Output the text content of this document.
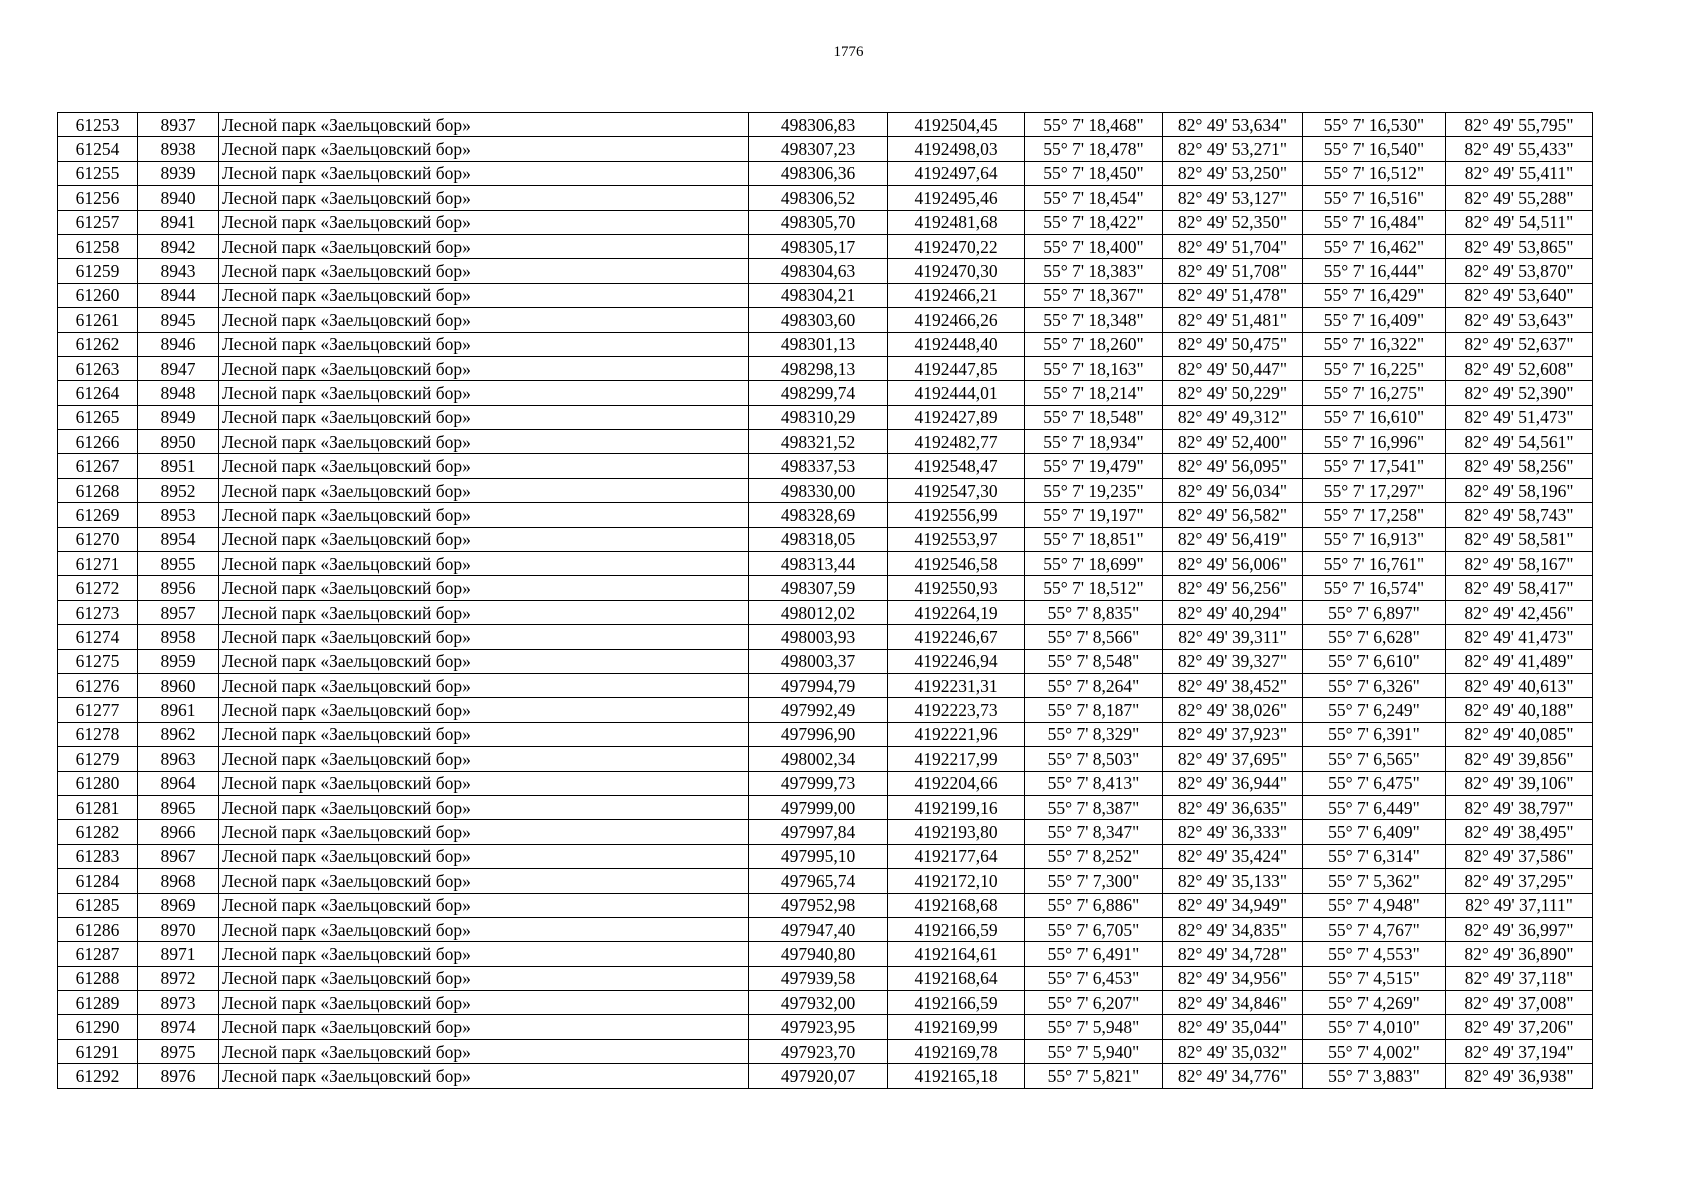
1776
61253	8937	Лесной парк «Заельцовский бор»	498306,83	4192504,45	55° 7' 18,468"	82° 49' 53,634"	55° 7' 16,530"	82° 49' 55,795"
61254	8938	Лесной парк «Заельцовский бор»	498307,23	4192498,03	55° 7' 18,478"	82° 49' 53,271"	55° 7' 16,540"	82° 49' 55,433"
61255	8939	Лесной парк «Заельцовский бор»	498306,36	4192497,64	55° 7' 18,450"	82° 49' 53,250"	55° 7' 16,512"	82° 49' 55,411"
61256	8940	Лесной парк «Заельцовский бор»	498306,52	4192495,46	55° 7' 18,454"	82° 49' 53,127"	55° 7' 16,516"	82° 49' 55,288"
61257	8941	Лесной парк «Заельцовский бор»	498305,70	4192481,68	55° 7' 18,422"	82° 49' 52,350"	55° 7' 16,484"	82° 49' 54,511"
61258	8942	Лесной парк «Заельцовский бор»	498305,17	4192470,22	55° 7' 18,400"	82° 49' 51,704"	55° 7' 16,462"	82° 49' 53,865"
61259	8943	Лесной парк «Заельцовский бор»	498304,63	4192470,30	55° 7' 18,383"	82° 49' 51,708"	55° 7' 16,444"	82° 49' 53,870"
61260	8944	Лесной парк «Заельцовский бор»	498304,21	4192466,21	55° 7' 18,367"	82° 49' 51,478"	55° 7' 16,429"	82° 49' 53,640"
61261	8945	Лесной парк «Заельцовский бор»	498303,60	4192466,26	55° 7' 18,348"	82° 49' 51,481"	55° 7' 16,409"	82° 49' 53,643"
61262	8946	Лесной парк «Заельцовский бор»	498301,13	4192448,40	55° 7' 18,260"	82° 49' 50,475"	55° 7' 16,322"	82° 49' 52,637"
61263	8947	Лесной парк «Заельцовский бор»	498298,13	4192447,85	55° 7' 18,163"	82° 49' 50,447"	55° 7' 16,225"	82° 49' 52,608"
61264	8948	Лесной парк «Заельцовский бор»	498299,74	4192444,01	55° 7' 18,214"	82° 49' 50,229"	55° 7' 16,275"	82° 49' 52,390"
61265	8949	Лесной парк «Заельцовский бор»	498310,29	4192427,89	55° 7' 18,548"	82° 49' 49,312"	55° 7' 16,610"	82° 49' 51,473"
61266	8950	Лесной парк «Заельцовский бор»	498321,52	4192482,77	55° 7' 18,934"	82° 49' 52,400"	55° 7' 16,996"	82° 49' 54,561"
61267	8951	Лесной парк «Заельцовский бор»	498337,53	4192548,47	55° 7' 19,479"	82° 49' 56,095"	55° 7' 17,541"	82° 49' 58,256"
61268	8952	Лесной парк «Заельцовский бор»	498330,00	4192547,30	55° 7' 19,235"	82° 49' 56,034"	55° 7' 17,297"	82° 49' 58,196"
61269	8953	Лесной парк «Заельцовский бор»	498328,69	4192556,99	55° 7' 19,197"	82° 49' 56,582"	55° 7' 17,258"	82° 49' 58,743"
61270	8954	Лесной парк «Заельцовский бор»	498318,05	4192553,97	55° 7' 18,851"	82° 49' 56,419"	55° 7' 16,913"	82° 49' 58,581"
61271	8955	Лесной парк «Заельцовский бор»	498313,44	4192546,58	55° 7' 18,699"	82° 49' 56,006"	55° 7' 16,761"	82° 49' 58,167"
61272	8956	Лесной парк «Заельцовский бор»	498307,59	4192550,93	55° 7' 18,512"	82° 49' 56,256"	55° 7' 16,574"	82° 49' 58,417"
61273	8957	Лесной парк «Заельцовский бор»	498012,02	4192264,19	55° 7' 8,835"	82° 49' 40,294"	55° 7' 6,897"	82° 49' 42,456"
61274	8958	Лесной парк «Заельцовский бор»	498003,93	4192246,67	55° 7' 8,566"	82° 49' 39,311"	55° 7' 6,628"	82° 49' 41,473"
61275	8959	Лесной парк «Заельцовский бор»	498003,37	4192246,94	55° 7' 8,548"	82° 49' 39,327"	55° 7' 6,610"	82° 49' 41,489"
61276	8960	Лесной парк «Заельцовский бор»	497994,79	4192231,31	55° 7' 8,264"	82° 49' 38,452"	55° 7' 6,326"	82° 49' 40,613"
61277	8961	Лесной парк «Заельцовский бор»	497992,49	4192223,73	55° 7' 8,187"	82° 49' 38,026"	55° 7' 6,249"	82° 49' 40,188"
61278	8962	Лесной парк «Заельцовский бор»	497996,90	4192221,96	55° 7' 8,329"	82° 49' 37,923"	55° 7' 6,391"	82° 49' 40,085"
61279	8963	Лесной парк «Заельцовский бор»	498002,34	4192217,99	55° 7' 8,503"	82° 49' 37,695"	55° 7' 6,565"	82° 49' 39,856"
61280	8964	Лесной парк «Заельцовский бор»	497999,73	4192204,66	55° 7' 8,413"	82° 49' 36,944"	55° 7' 6,475"	82° 49' 39,106"
61281	8965	Лесной парк «Заельцовский бор»	497999,00	4192199,16	55° 7' 8,387"	82° 49' 36,635"	55° 7' 6,449"	82° 49' 38,797"
61282	8966	Лесной парк «Заельцовский бор»	497997,84	4192193,80	55° 7' 8,347"	82° 49' 36,333"	55° 7' 6,409"	82° 49' 38,495"
61283	8967	Лесной парк «Заельцовский бор»	497995,10	4192177,64	55° 7' 8,252"	82° 49' 35,424"	55° 7' 6,314"	82° 49' 37,586"
61284	8968	Лесной парк «Заельцовский бор»	497965,74	4192172,10	55° 7' 7,300"	82° 49' 35,133"	55° 7' 5,362"	82° 49' 37,295"
61285	8969	Лесной парк «Заельцовский бор»	497952,98	4192168,68	55° 7' 6,886"	82° 49' 34,949"	55° 7' 4,948"	82° 49' 37,111"
61286	8970	Лесной парк «Заельцовский бор»	497947,40	4192166,59	55° 7' 6,705"	82° 49' 34,835"	55° 7' 4,767"	82° 49' 36,997"
61287	8971	Лесной парк «Заельцовский бор»	497940,80	4192164,61	55° 7' 6,491"	82° 49' 34,728"	55° 7' 4,553"	82° 49' 36,890"
61288	8972	Лесной парк «Заельцовский бор»	497939,58	4192168,64	55° 7' 6,453"	82° 49' 34,956"	55° 7' 4,515"	82° 49' 37,118"
61289	8973	Лесной парк «Заельцовский бор»	497932,00	4192166,59	55° 7' 6,207"	82° 49' 34,846"	55° 7' 4,269"	82° 49' 37,008"
61290	8974	Лесной парк «Заельцовский бор»	497923,95	4192169,99	55° 7' 5,948"	82° 49' 35,044"	55° 7' 4,010"	82° 49' 37,206"
61291	8975	Лесной парк «Заельцовский бор»	497923,70	4192169,78	55° 7' 5,940"	82° 49' 35,032"	55° 7' 4,002"	82° 49' 37,194"
61292	8976	Лесной парк «Заельцовский бор»	497920,07	4192165,18	55° 7' 5,821"	82° 49' 34,776"	55° 7' 3,883"	82° 49' 36,938"
